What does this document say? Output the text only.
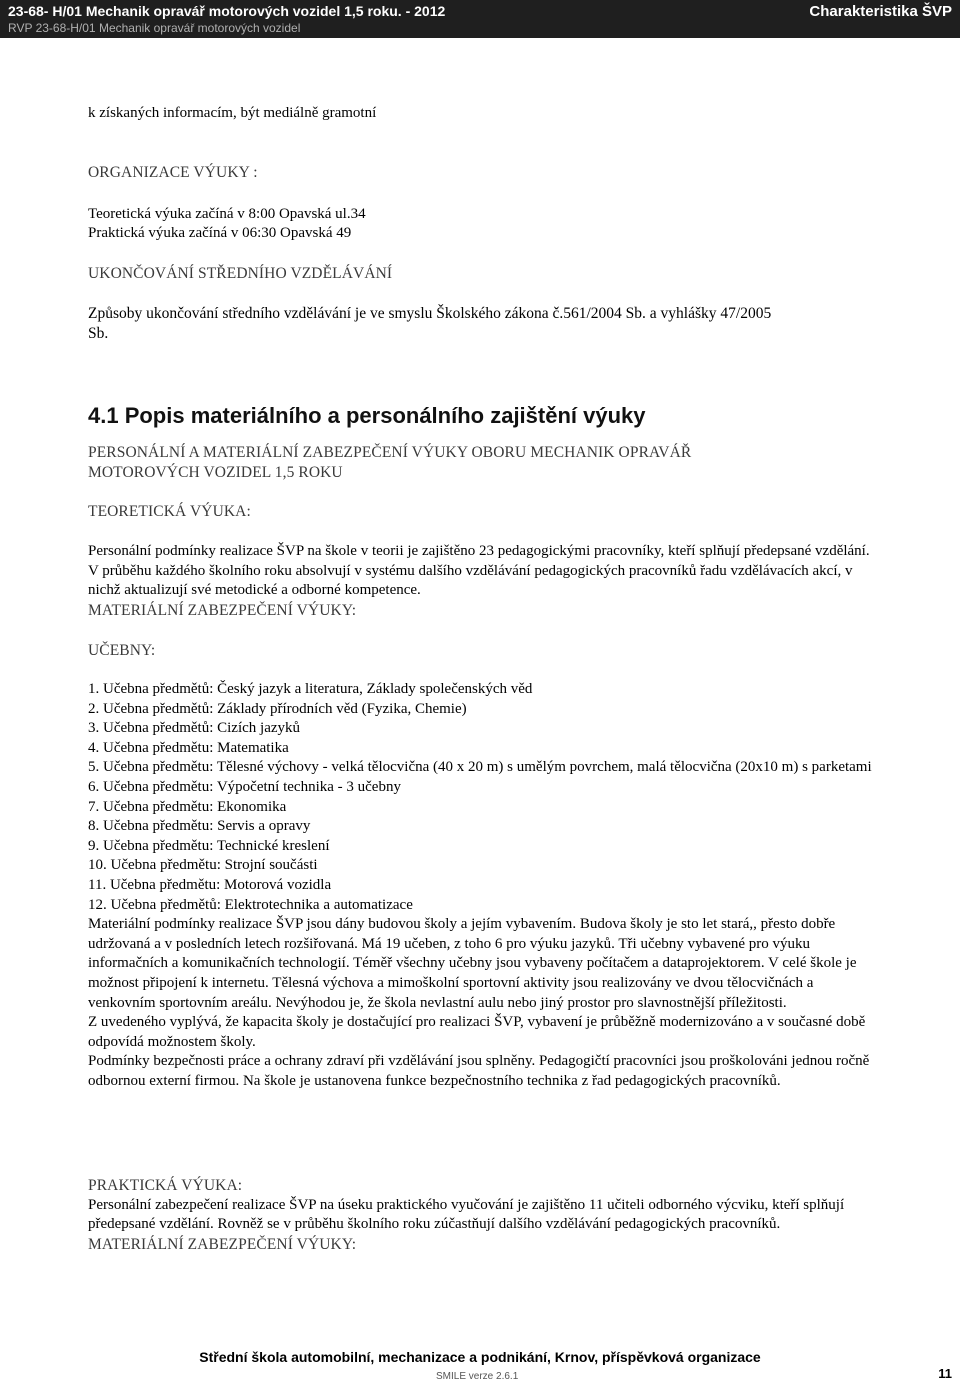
23-68- H/01 Mechanik opravář motorových vozidel 1,5 roku. - 2012
RVP 23-68-H/01 Mechanik opravář motorových vozidel
Charakteristika ŠVP
k získaných informacím, být mediálně gramotní
ORGANIZACE VÝUKY :
Teoretická výuka začíná v 8:00 Opavská ul.34
Praktická výuka začíná v 06:30 Opavská 49
UKONČOVÁNÍ STŘEDNÍHO VZDĚLÁVÁNÍ
Způsoby ukončování středního vzdělávání je ve smyslu Školského zákona č.561/2004 Sb. a vyhlášky 47/2005
Sb.
4.1 Popis materiálního a personálního zajištění výuky
PERSONÁLNÍ A MATERIÁLNÍ ZABEZPEČENÍ VÝUKY OBORU MECHANIK OPRAVÁŘ
MOTOROVÝCH VOZIDEL 1,5 ROKU
TEORETICKÁ VÝUKA:

Personální podmínky realizace ŠVP na škole v teorii je zajištěno 23 pedagogickými pracovníky, kteří splňují předepsané vzdělání. V průběhu každého školního roku absolvují v systému dalšího vzdělávání pedagogických pracovníků řadu vzdělávacích akcí, v nichž aktualizují své metodické a odborné kompetence.

MATERIÁLNÍ ZABEZPEČENÍ VÝUKY:

UČEBNY:

1. Učebna předmětů: Český jazyk a literatura, Základy společenských věd

2. Učebna předmětů: Základy přírodních věd (Fyzika, Chemie)

3. Učebna předmětů: Cizích jazyků

4. Učebna předmětu: Matematika

5. Učebna předmětu: Tělesné výchovy - velká tělocvična (40 x 20 m) s umělým povrchem, malá tělocvična (20x10 m) s parketami

6. Učebna předmětu: Výpočetní technika - 3 učebny

7. Učebna předmětu: Ekonomika

8. Učebna předmětu: Servis a opravy

9. Učebna předmětu: Technické kreslení

10. Učebna předmětu: Strojní součásti

11. Učebna předmětu: Motorová vozidla

12. Učebna předmětů: Elektrotechnika a automatizace

Materiální podmínky realizace ŠVP jsou dány budovou školy a jejím vybavením. Budova školy je sto let stará,, přesto dobře udržovaná a v posledních letech rozšiřovaná. Má 19 učeben, z toho 6 pro výuku jazyků. Tři učebny vybavené pro výuku informačních a komunikačních technologií. Téměř všechny učebny jsou vybaveny počítačem a dataprojektorem. V celé škole je možnost připojení k internetu. Tělesná výchova a mimoškolní sportovní aktivity jsou realizovány ve dvou tělocvičnách a venkovním sportovním areálu. Nevýhodou je, že škola nevlastní aulu nebo jiný prostor pro slavnostnější příležitosti.

Z uvedeného vyplývá, že kapacita školy je dostačující pro realizaci ŠVP, vybavení je průběžně modernizováno a v současné době odpovídá možnostem školy.

Podmínky bezpečnosti práce a ochrany zdraví při vzdělávání jsou splněny. Pedagogičtí pracovníci jsou proškolováni jednou ročně odbornou externí firmou. Na škole je ustanovena funkce bezpečnostního technika z řad pedagogických pracovníků.

PRAKTICKÁ VÝUKA:

Personální zabezpečení realizace ŠVP na úseku praktického vyučování je zajištěno 11 učiteli odborného výcviku, kteří splňují předepsané vzdělání. Rovněž se v průběhu školního roku zúčastňují dalšího vzdělávání pedagogických pracovníků.

MATERIÁLNÍ ZABEZPEČENÍ VÝUKY:

Střední škola automobilní, mechanizace a podnikání, Krnov, příspěvková organizace
SMILE verze 2.6.1	11
